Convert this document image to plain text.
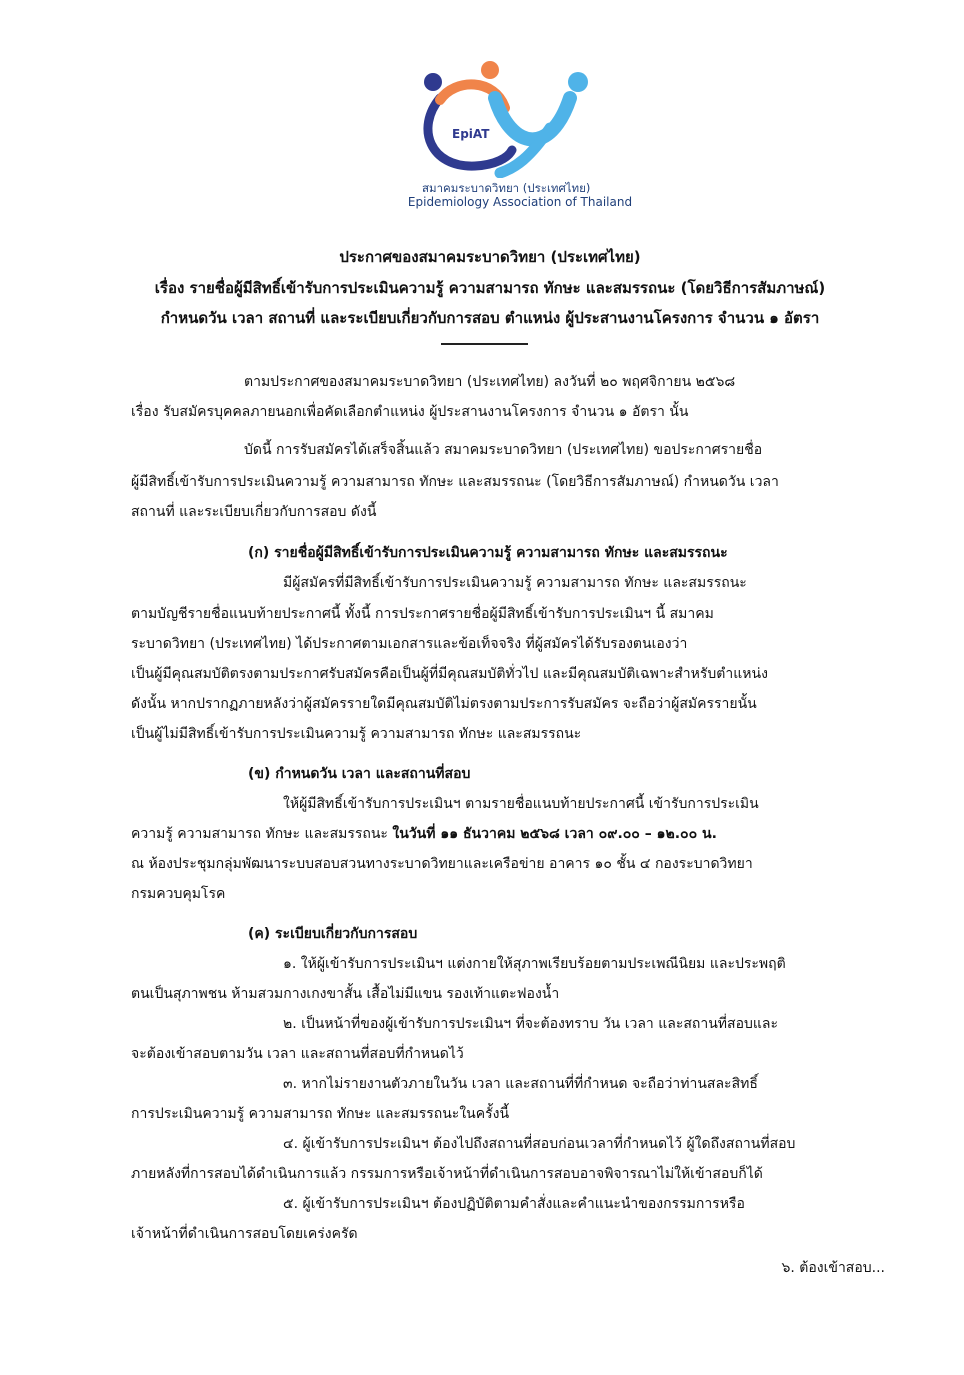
EpiAT
สมาคมระบาดวิทยา (ประเทศไทย)
Epidemiology Association of Thailand
ประกาศของสมาคมระบาดวิทยา (ประเทศไทย)
เรื่อง รายชื่อผู้มีสิทธิ์เข้ารับการประเมินความรู้ ความสามารถ ทักษะ และสมรรถนะ (โดยวิธีการสัมภาษณ์)
กำหนดวัน เวลา สถานที่ และระเบียบเกี่ยวกับการสอบ ตำแหน่ง ผู้ประสานงานโครงการ จำนวน ๑ อัตรา
ตามประกาศของสมาคมระบาดวิทยา (ประเทศไทย) ลงวันที่ ๒๐ พฤศจิกายน ๒๕๖๘
เรื่อง รับสมัครบุคคลภายนอกเพื่อคัดเลือกตำแหน่ง ผู้ประสานงานโครงการ จำนวน ๑ อัตรา นั้น
บัดนี้ การรับสมัครได้เสร็จสิ้นแล้ว สมาคมระบาดวิทยา (ประเทศไทย) ขอประกาศรายชื่อ
ผู้มีสิทธิ์เข้ารับการประเมินความรู้ ความสามารถ ทักษะ และสมรรถนะ (โดยวิธีการสัมภาษณ์) กำหนดวัน เวลา
สถานที่ และระเบียบเกี่ยวกับการสอบ ดังนี้
(ก) รายชื่อผู้มีสิทธิ์เข้ารับการประเมินความรู้ ความสามารถ ทักษะ และสมรรถนะ
มีผู้สมัครที่มีสิทธิ์เข้ารับการประเมินความรู้ ความสามารถ ทักษะ และสมรรถนะ
ตามบัญชีรายชื่อแนบท้ายประกาศนี้ ทั้งนี้ การประกาศรายชื่อผู้มีสิทธิ์เข้ารับการประเมินฯ นี้ สมาคม
ระบาดวิทยา (ประเทศไทย) ได้ประกาศตามเอกสารและข้อเท็จจริง ที่ผู้สมัครได้รับรองตนเองว่า
เป็นผู้มีคุณสมบัติตรงตามประกาศรับสมัครคือเป็นผู้ที่มีคุณสมบัติทั่วไป และมีคุณสมบัติเฉพาะสำหรับตำแหน่ง
ดังนั้น หากปรากฏภายหลังว่าผู้สมัครรายใดมีคุณสมบัติไม่ตรงตามประการรับสมัคร จะถือว่าผู้สมัครรายนั้น
เป็นผู้ไม่มีสิทธิ์เข้ารับการประเมินความรู้ ความสามารถ ทักษะ และสมรรถนะ
(ข) กำหนดวัน เวลา และสถานที่สอบ
ให้ผู้มีสิทธิ์เข้ารับการประเมินฯ ตามรายชื่อแนบท้ายประกาศนี้ เข้ารับการประเมิน
ความรู้ ความสามารถ ทักษะ และสมรรถนะ ในวันที่ ๑๑ ธันวาคม ๒๕๖๘ เวลา ๐๙.๐๐ – ๑๒.๐๐ น.
ณ ห้องประชุมกลุ่มพัฒนาระบบสอบสวนทางระบาดวิทยาและเครือข่าย อาคาร ๑๐ ชั้น ๔ กองระบาดวิทยา
กรมควบคุมโรค
(ค) ระเบียบเกี่ยวกับการสอบ
๑. ให้ผู้เข้ารับการประเมินฯ แต่งกายให้สุภาพเรียบร้อยตามประเพณีนิยม และประพฤติ
ตนเป็นสุภาพชน ห้ามสวมกางเกงขาสั้น เสื้อไม่มีแขน รองเท้าแตะฟองน้ำ
๒. เป็นหน้าที่ของผู้เข้ารับการประเมินฯ ที่จะต้องทราบ วัน เวลา และสถานที่สอบและ
จะต้องเข้าสอบตามวัน เวลา และสถานที่สอบที่กำหนดไว้
๓. หากไม่รายงานตัวภายในวัน เวลา และสถานที่ที่กำหนด จะถือว่าท่านสละสิทธิ์
การประเมินความรู้ ความสามารถ ทักษะ และสมรรถนะในครั้งนี้
๔. ผู้เข้ารับการประเมินฯ ต้องไปถึงสถานที่สอบก่อนเวลาที่กำหนดไว้ ผู้ใดถึงสถานที่สอบ
ภายหลังที่การสอบได้ดำเนินการแล้ว กรรมการหรือเจ้าหน้าที่ดำเนินการสอบอาจพิจารณาไม่ให้เข้าสอบก็ได้
๕. ผู้เข้ารับการประเมินฯ ต้องปฏิบัติตามคำสั่งและคำแนะนำของกรรมการหรือ
เจ้าหน้าที่ดำเนินการสอบโดยเคร่งครัด
๖. ต้องเข้าสอบ...
